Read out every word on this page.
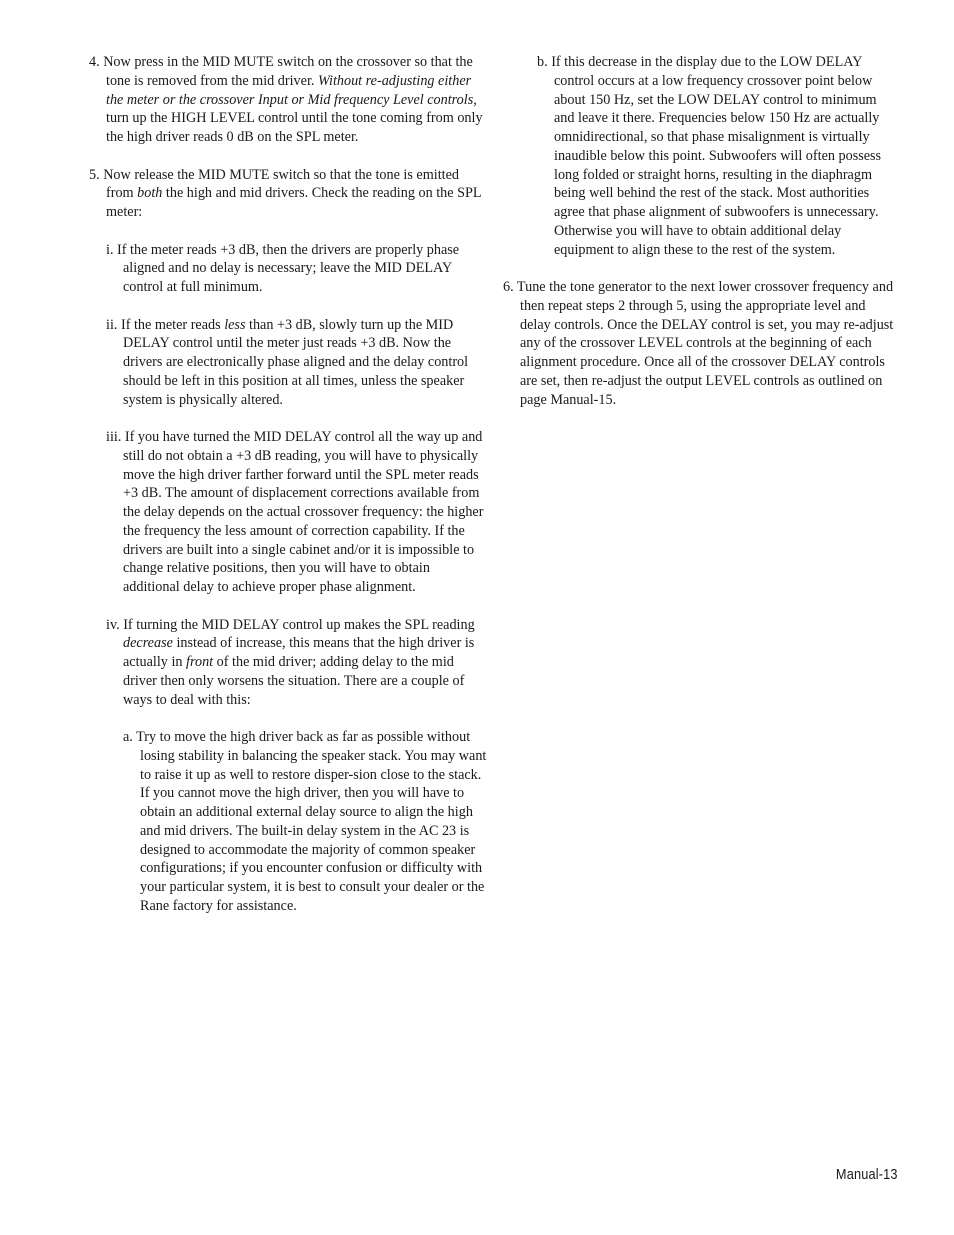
4. Now press in the MID MUTE switch on the crossover so that the tone is removed from the mid driver. Without re-adjusting either the meter or the crossover Input or Mid frequency Level controls, turn up the HIGH LEVEL control until the tone coming from only the high driver reads 0 dB on the SPL meter.

5. Now release the MID MUTE switch so that the tone is emitted from both the high and mid drivers. Check the reading on the SPL meter:

i. If the meter reads +3 dB, then the drivers are properly phase aligned and no delay is necessary; leave the MID DELAY control at full minimum.

ii. If the meter reads less than +3 dB, slowly turn up the MID DELAY control until the meter just reads +3 dB. Now the drivers are electronically phase aligned and the delay control should be left in this position at all times, unless the speaker system is physically altered.

iii. If you have turned the MID DELAY control all the way up and still do not obtain a +3 dB reading, you will have to physically move the high driver farther forward until the SPL meter reads +3 dB. The amount of displacement corrections available from the delay depends on the actual crossover frequency: the higher the frequency the less amount of correction capability. If the drivers are built into a single cabinet and/or it is impossible to change relative positions, then you will have to obtain additional delay to achieve proper phase alignment.

iv. If turning the MID DELAY control up makes the SPL reading decrease instead of increase, this means that the high driver is actually in front of the mid driver; adding delay to the mid driver then only worsens the situation. There are a couple of ways to deal with this:

a. Try to move the high driver back as far as possible without losing stability in balancing the speaker stack. You may want to raise it up as well to restore disper-sion close to the stack. If you cannot move the high driver, then you will have to obtain an additional external delay source to align the high and mid drivers. The built-in delay system in the AC 23 is designed to accommodate the majority of common speaker configurations; if you encounter confusion or difficulty with your particular system, it is best to consult your dealer or the Rane factory for assistance.

b. If this decrease in the display due to the LOW DELAY control occurs at a low frequency crossover point below about 150 Hz, set the LOW DELAY control to minimum and leave it there. Frequencies below 150 Hz are actually omnidirectional, so that phase misalignment is virtually inaudible below this point. Subwoofers will often possess long folded or straight horns, resulting in the diaphragm being well behind the rest of the stack. Most authorities agree that phase alignment of subwoofers is unnecessary. Otherwise you will have to obtain additional delay equipment to align these to the rest of the system.

6. Tune the tone generator to the next lower crossover frequency and then repeat steps 2 through 5, using the appropriate level and delay controls. Once the DELAY control is set, you may re-adjust any of the crossover LEVEL controls at the beginning of each alignment procedure. Once all of the crossover DELAY controls are set, then re-adjust the output LEVEL controls as outlined on page Manual-15.

Manual-13
